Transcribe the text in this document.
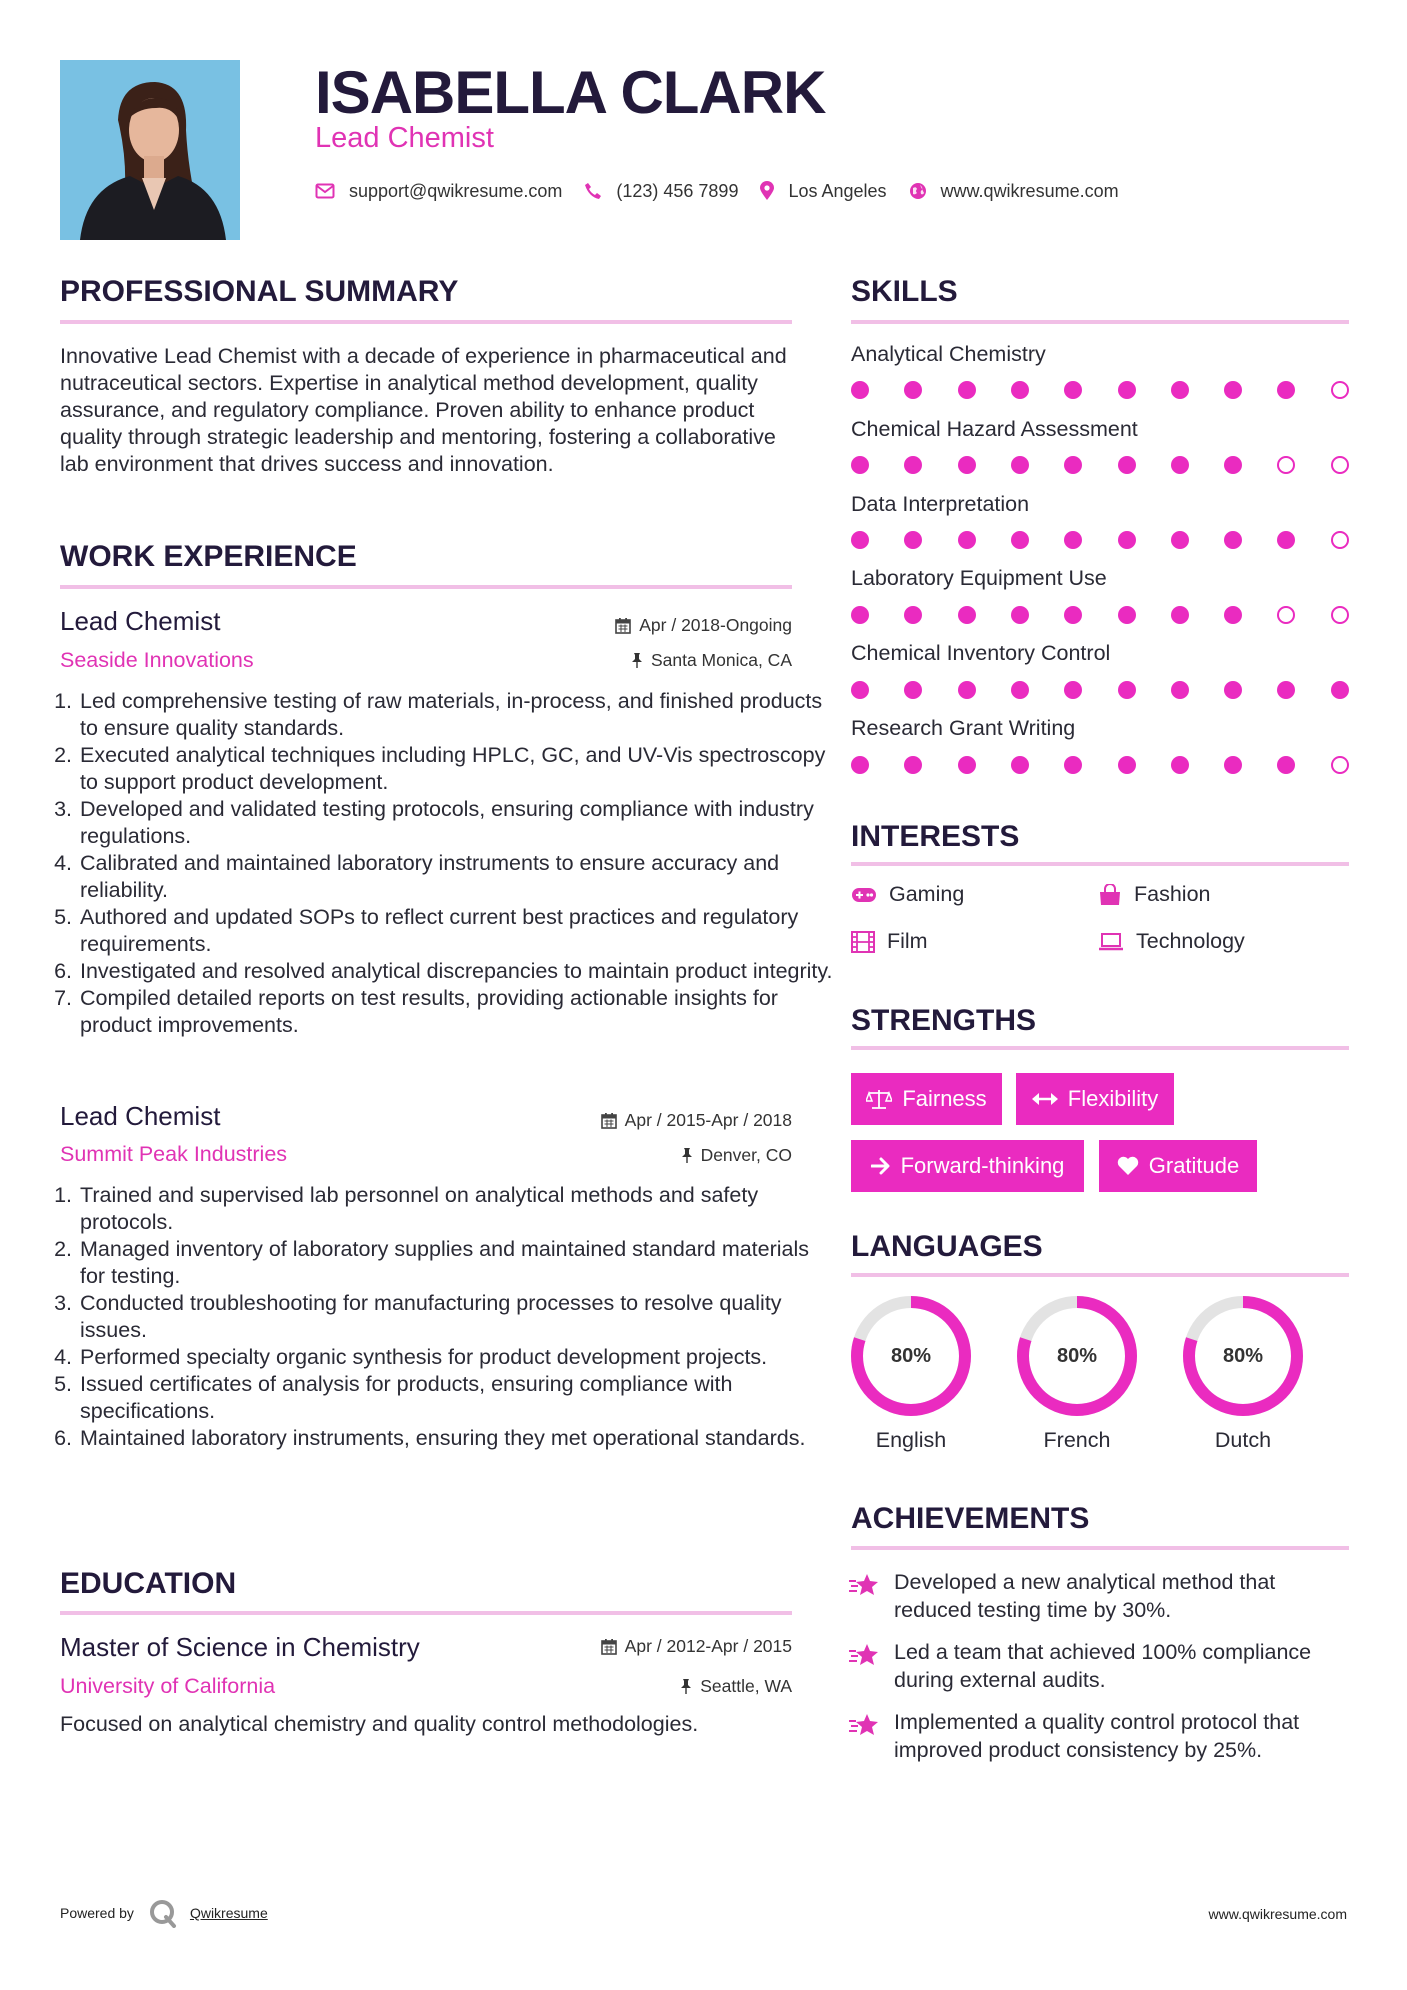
ISABELLA CLARK
Lead Chemist
support@qwikresume.com	(123) 456 7899	Los Angeles	www.qwikresume.com
PROFESSIONAL SUMMARY
Innovative Lead Chemist with a decade of experience in pharmaceutical and nutraceutical sectors. Expertise in analytical method development, quality assurance, and regulatory compliance. Proven ability to enhance product quality through strategic leadership and mentoring, fostering a collaborative lab environment that drives success and innovation.
WORK EXPERIENCE
Lead Chemist
Seaside Innovations
Apr / 2018-Ongoing
Santa Monica, CA
1. Led comprehensive testing of raw materials, in-process, and finished products to ensure quality standards.
2. Executed analytical techniques including HPLC, GC, and UV-Vis spectroscopy to support product development.
3. Developed and validated testing protocols, ensuring compliance with industry regulations.
4. Calibrated and maintained laboratory instruments to ensure accuracy and reliability.
5. Authored and updated SOPs to reflect current best practices and regulatory requirements.
6. Investigated and resolved analytical discrepancies to maintain product integrity.
7. Compiled detailed reports on test results, providing actionable insights for product improvements.
Lead Chemist
Summit Peak Industries
Apr / 2015-Apr / 2018
Denver, CO
1. Trained and supervised lab personnel on analytical methods and safety protocols.
2. Managed inventory of laboratory supplies and maintained standard materials for testing.
3. Conducted troubleshooting for manufacturing processes to resolve quality issues.
4. Performed specialty organic synthesis for product development projects.
5. Issued certificates of analysis for products, ensuring compliance with specifications.
6. Maintained laboratory instruments, ensuring they met operational standards.
EDUCATION
Master of Science in Chemistry
University of California
Apr / 2012-Apr / 2015
Seattle, WA
Focused on analytical chemistry and quality control methodologies.
SKILLS
Analytical Chemistry
Chemical Hazard Assessment
Data Interpretation
Laboratory Equipment Use
Chemical Inventory Control
Research Grant Writing
INTERESTS
Gaming	Fashion
Film	Technology
STRENGTHS
Fairness	Flexibility
Forward-thinking	Gratitude
LANGUAGES
80%
English
80%
French
80%
Dutch
ACHIEVEMENTS
Developed a new analytical method that reduced testing time by 30%.
Led a team that achieved 100% compliance during external audits.
Implemented a quality control protocol that improved product consistency by 25%.
Powered by	Qwikresume	www.qwikresume.com
